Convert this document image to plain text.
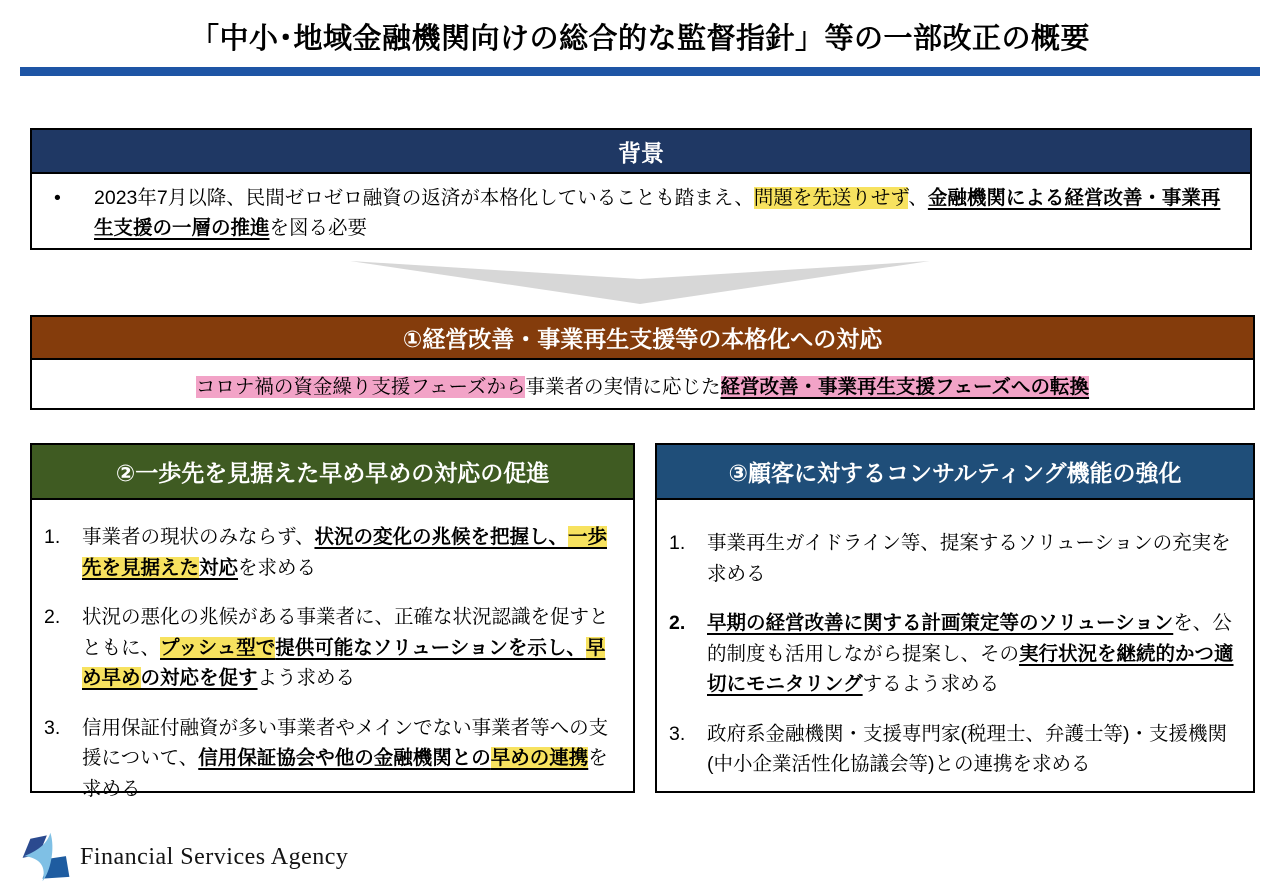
「中小･地域金融機関向けの総合的な監督指針」等の一部改正の概要
背景
•	2023年7月以降、民間ゼロゼロ融資の返済が本格化していることも踏まえ、問題を先送りせず、金融機関による経営改善・事業再生支援の一層の推進を図る必要
①経営改善・事業再生支援等の本格化への対応
コロナ禍の資金繰り支援フェーズから事業者の実情に応じた経営改善・事業再生支援フェーズへの転換
②一歩先を見据えた早め早めの対応の促進
1.	事業者の現状のみならず、状況の変化の兆候を把握し、一歩先を見据えた対応を求める
2.	状況の悪化の兆候がある事業者に、正確な状況認識を促すとともに、プッシュ型で提供可能なソリューションを示し、早め早めの対応を促すよう求める
3.	信用保証付融資が多い事業者やメインでない事業者等への支援について、信用保証協会や他の金融機関との早めの連携を求める
③顧客に対するコンサルティング機能の強化
1.	事業再生ガイドライン等、提案するソリューションの充実を求める
2.	早期の経営改善に関する計画策定等のソリューションを、公的制度も活用しながら提案し、その実行状況を継続的かつ適切にモニタリングするよう求める
3.	政府系金融機関・支援専門家(税理士、弁護士等)・支援機関(中小企業活性化協議会等)との連携を求める
Financial Services Agency
